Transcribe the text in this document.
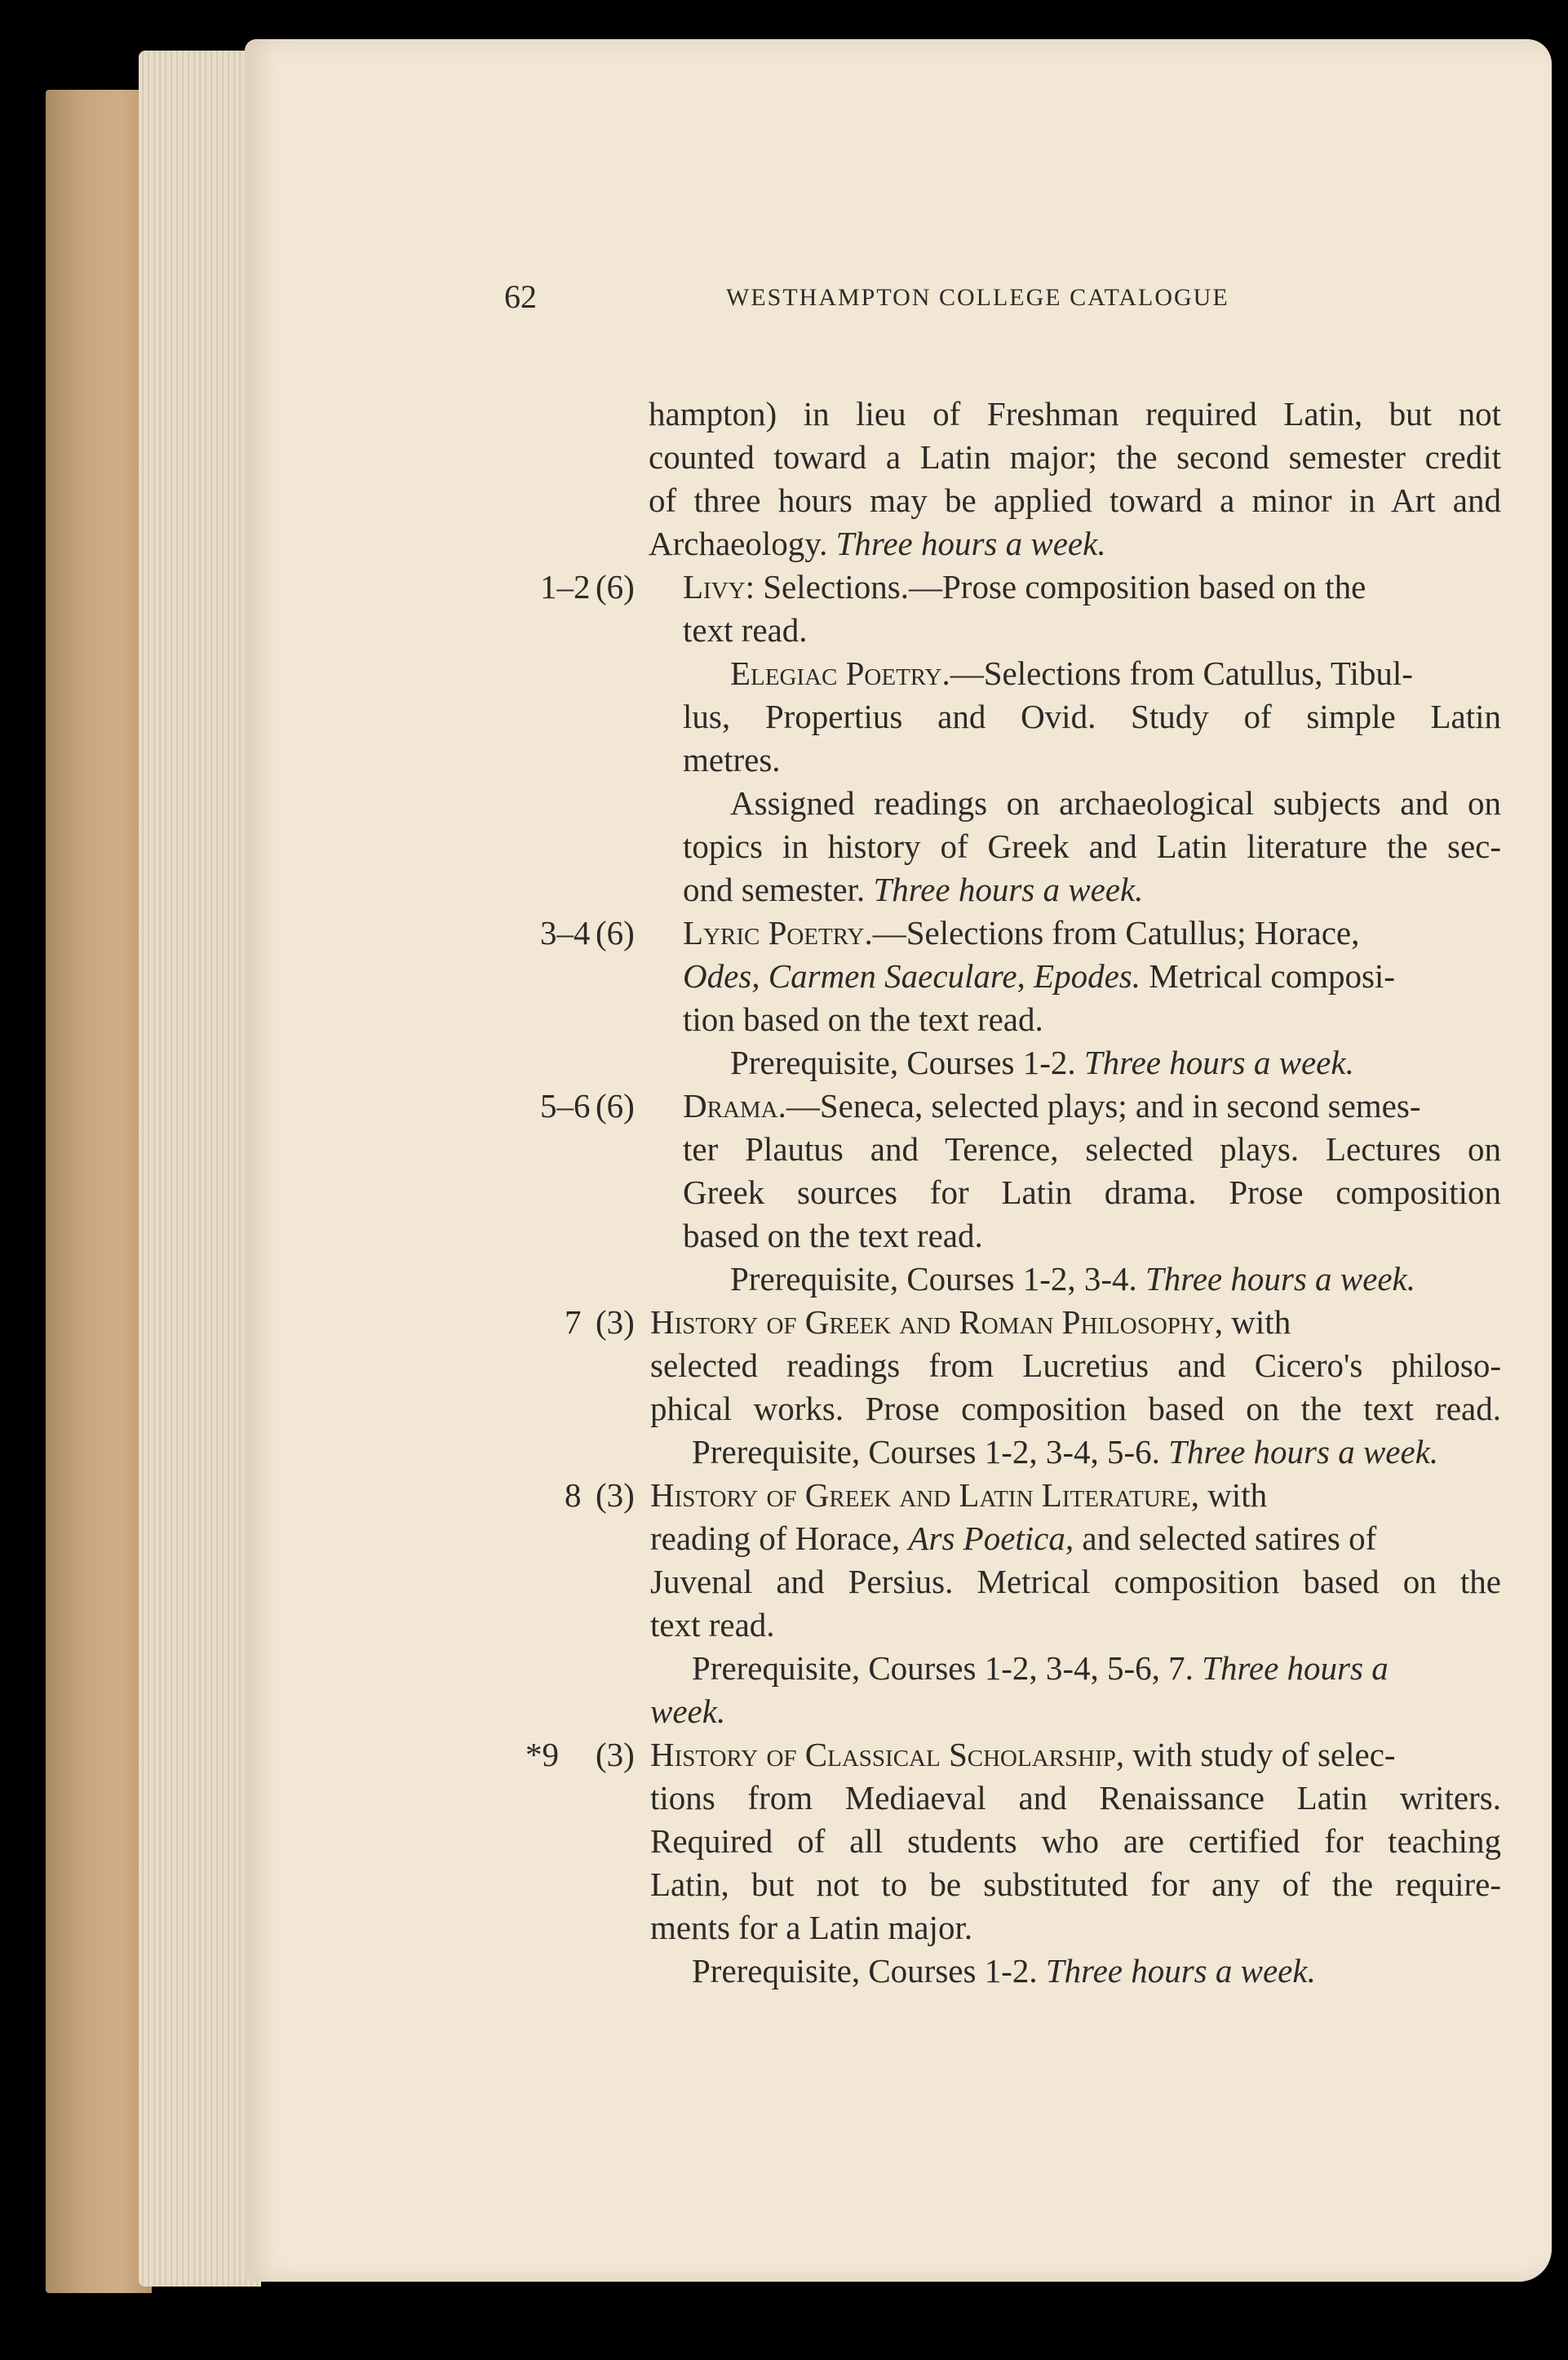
62	WESTHAMPTON COLLEGE CATALOGUE
hampton) in lieu of Freshman required Latin, but not
counted toward a Latin major; the second semester credit
of three hours may be applied toward a minor in Art and
Archaeology. Three hours a week.
1–2 (6) Livy: Selections.—Prose composition based on the
text read.
Elegiac Poetry.—Selections from Catullus, Tibul-
lus, Propertius and Ovid. Study of simple Latin
metres.
Assigned readings on archaeological subjects and on
topics in history of Greek and Latin literature the sec-
ond semester. Three hours a week.
3–4 (6) Lyric Poetry.—Selections from Catullus; Horace,
Odes, Carmen Saeculare, Epodes. Metrical composi-
tion based on the text read.
Prerequisite, Courses 1-2. Three hours a week.
5–6 (6) Drama.—Seneca, selected plays; and in second semes-
ter Plautus and Terence, selected plays. Lectures on
Greek sources for Latin drama. Prose composition
based on the text read.
Prerequisite, Courses 1-2, 3-4. Three hours a week.
7 (3) History of Greek and Roman Philosophy, with
selected readings from Lucretius and Cicero's philoso-
phical works. Prose composition based on the text read.
Prerequisite, Courses 1-2, 3-4, 5-6. Three hours a week.
8 (3) History of Greek and Latin Literature, with
reading of Horace, Ars Poetica, and selected satires of
Juvenal and Persius. Metrical composition based on the
text read.
Prerequisite, Courses 1-2, 3-4, 5-6, 7. Three hours a
week.
*9 (3) History of Classical Scholarship, with study of selec-
tions from Mediaeval and Renaissance Latin writers.
Required of all students who are certified for teaching
Latin, but not to be substituted for any of the require-
ments for a Latin major.
Prerequisite, Courses 1-2. Three hours a week.
